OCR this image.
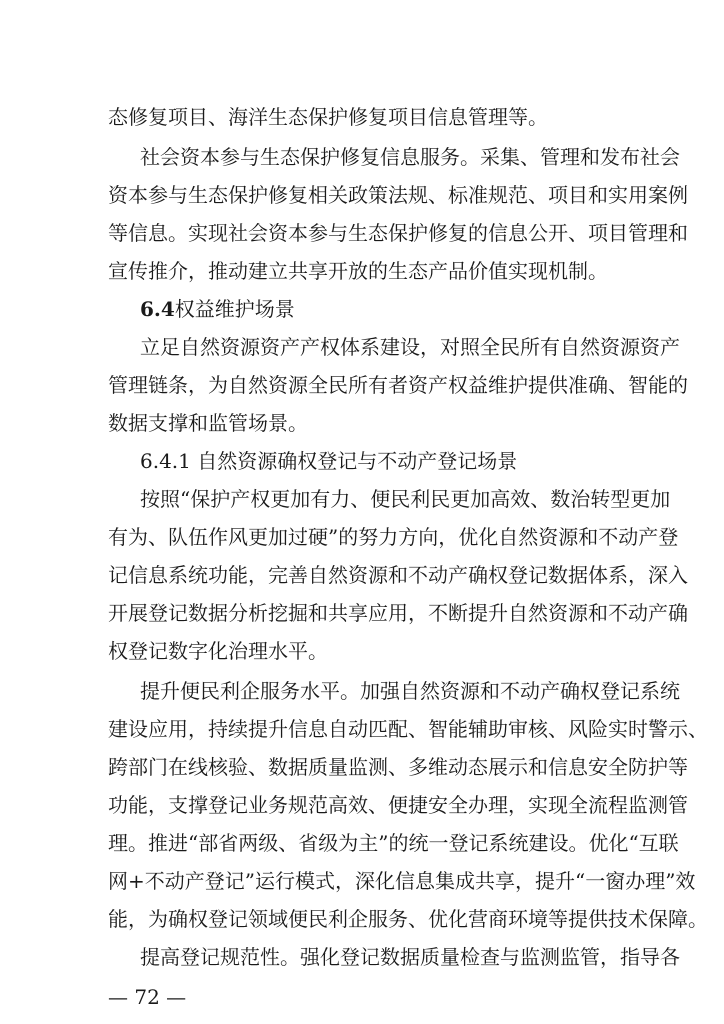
态修复项目、海洋生态保护修复项目信息管理等。

社会资本参与生态保护修复信息服务。采集、管理和发布社会

资本参与生态保护修复相关政策法规、标准规范、项目和实用案例

等信息。实现社会资本参与生态保护修复的信息公开、项目管理和

宣传推介，推动建立共享开放的生态产品价值实现机制。

6.4权益维护场景

立足自然资源资产产权体系建设，对照全民所有自然资源资产

管理链条，为自然资源全民所有者资产权益维护提供准确、智能的

数据支撑和监管场景。

6.4.1 自然资源确权登记与不动产登记场景

按照“保护产权更加有力、便民利民更加高效、数治转型更加

有为、队伍作风更加过硬”的努力方向，优化自然资源和不动产登

记信息系统功能，完善自然资源和不动产确权登记数据体系，深入

开展登记数据分析挖掘和共享应用，不断提升自然资源和不动产确

权登记数字化治理水平。

提升便民利企服务水平。加强自然资源和不动产确权登记系统

建设应用，持续提升信息自动匹配、智能辅助审核、风险实时警示、

跨部门在线核验、数据质量监测、多维动态展示和信息安全防护等

功能，支撑登记业务规范高效、便捷安全办理，实现全流程监测管

理。推进“部省两级、省级为主”的统一登记系统建设。优化“互联

网+不动产登记”运行模式，深化信息集成共享，提升“一窗办理”效

能，为确权登记领域便民利企服务、优化营商环境等提供技术保障。

提高登记规范性。强化登记数据质量检查与监测监管，指导各

— 72 —
